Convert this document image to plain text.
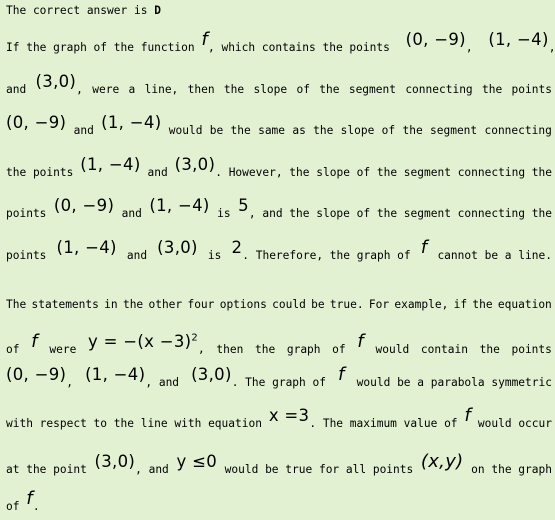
The correct answer is D
If the graph of the function f, which contains the points (0, −9), (1, −4),
and (3,0), were a line, then the slope of the segment connecting the points
(0, −9) and (1, −4) would be the same as the slope of the segment connecting
the points (1, −4) and (3,0). However, the slope of the segment connecting the
points (0, −9) and (1, −4) is 5, and the slope of the segment connecting the
points (1, −4) and (3,0) is 2. Therefore, the graph of f cannot be a line.
The statements in the other four options could be true. For example, if the equation
of f were $y = -(x -3)^2$, then the graph of f would contain the points
(0, −9), (1, −4), and (3,0). The graph of f would be a parabola symmetric
with respect to the line with equation x =3. The maximum value of f would occur
at the point (3,0), and y ≤0 would be true for all points (x,y) on the graph
of f.
